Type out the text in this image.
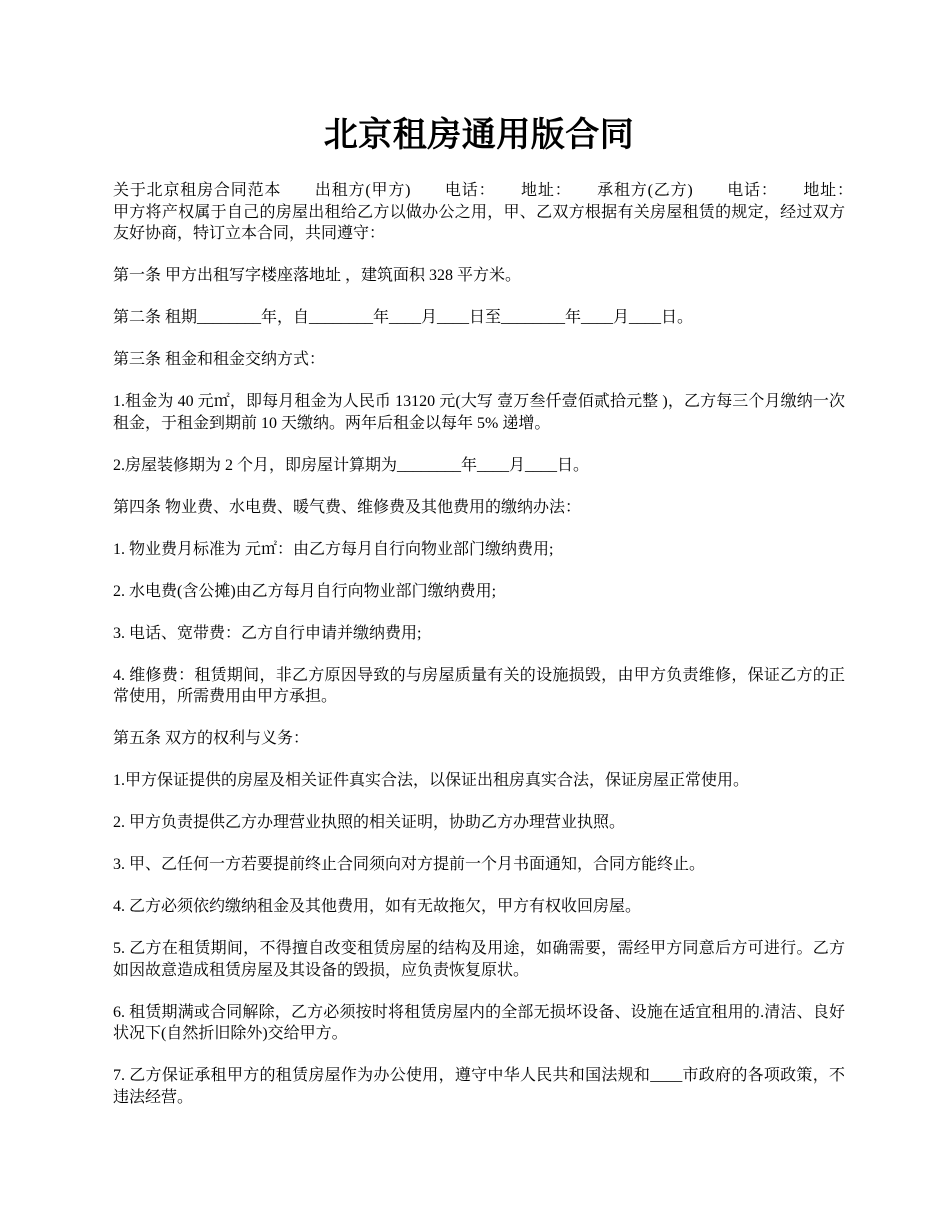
北京租房通用版合同

关于北京租房合同范本　　出租方(甲方)　　电话：　　地址：　　承租方(乙方)　　电话：　　地址：　　甲方将产权属于自己的房屋出租给乙方以做办公之用，甲、乙双方根据有关房屋租赁的规定，经过双方友好协商，特订立本合同，共同遵守：

第一条 甲方出租写字楼座落地址 ，建筑面积 328 平方米。

第二条 租期________年，自________年____月____日至________年____月____日。

第三条 租金和租金交纳方式：

1.租金为 40 元㎡，即每月租金为人民币 13120 元(大写 壹万叁仟壹佰贰拾元整 )，乙方每三个月缴纳一次租金，于租金到期前 10 天缴纳。两年后租金以每年 5% 递增。

2.房屋装修期为 2 个月，即房屋计算期为________年____月____日。

第四条 物业费、水电费、暖气费、维修费及其他费用的缴纳办法：

1. 物业费月标准为 元㎡：由乙方每月自行向物业部门缴纳费用;

2. 水电费(含公摊)由乙方每月自行向物业部门缴纳费用;

3. 电话、宽带费：乙方自行申请并缴纳费用;

4. 维修费：租赁期间，非乙方原因导致的与房屋质量有关的设施损毁，由甲方负责维修，保证乙方的正常使用，所需费用由甲方承担。

第五条 双方的权利与义务：

1.甲方保证提供的房屋及相关证件真实合法，以保证出租房真实合法，保证房屋正常使用。

2. 甲方负责提供乙方办理营业执照的相关证明，协助乙方办理营业执照。

3. 甲、乙任何一方若要提前终止合同须向对方提前一个月书面通知，合同方能终止。

4. 乙方必须依约缴纳租金及其他费用，如有无故拖欠，甲方有权收回房屋。

5. 乙方在租赁期间，不得擅自改变租赁房屋的结构及用途，如确需要，需经甲方同意后方可进行。乙方如因故意造成租赁房屋及其设备的毁损，应负责恢复原状。

6. 租赁期满或合同解除，乙方必须按时将租赁房屋内的全部无损坏设备、设施在适宜租用的.清洁、良好状况下(自然折旧除外)交给甲方。

7. 乙方保证承租甲方的租赁房屋作为办公使用，遵守中华人民共和国法规和____市政府的各项政策，不违法经营。
